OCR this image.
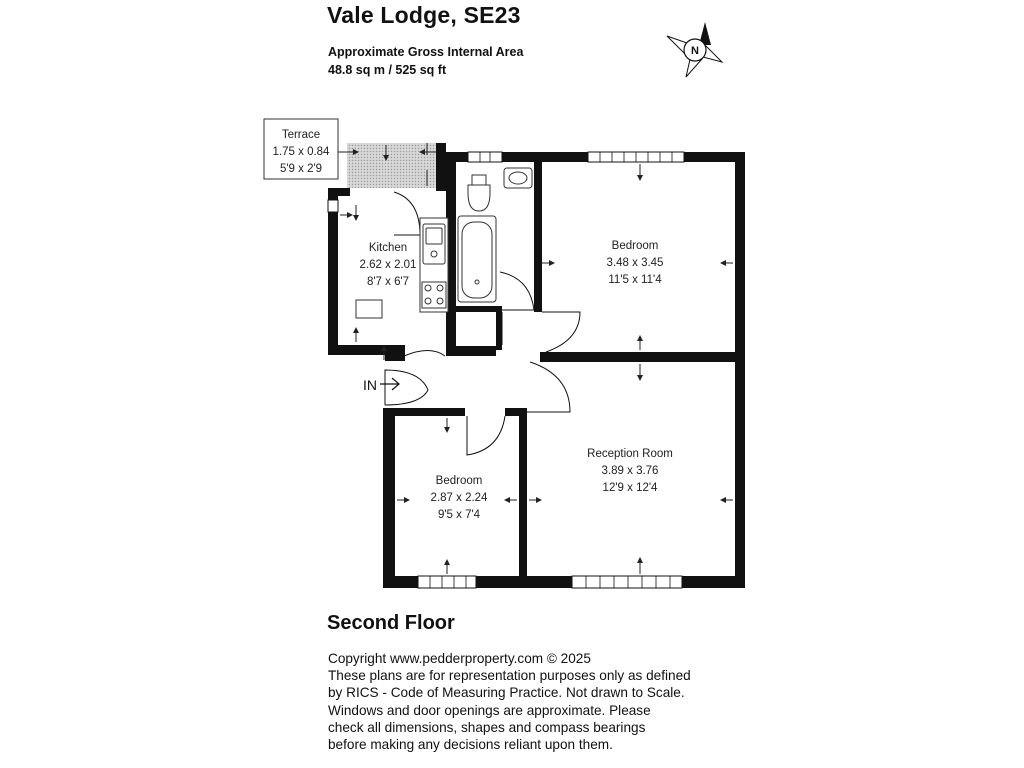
Vale Lodge, SE23
Approximate Gross Internal Area
48.8 sq m / 525 sq ft
N
Terrace
1.75 x 0.84
5'9 x 2'9
Kitchen
2.62 x 2.01
8'7 x 6'7
Bedroom
3.48 x 3.45
11'5 x 11'4
Reception Room
3.89 x 3.76
12'9 x 12'4
Bedroom
2.87 x 2.24
9'5 x 7'4
IN
Second Floor
Copyright www.pedderproperty.com © 2025
These plans are for representation purposes only as defined
by RICS - Code of Measuring Practice. Not drawn to Scale.
Windows and door openings are approximate. Please
check all dimensions, shapes and compass bearings
before making any decisions reliant upon them.
